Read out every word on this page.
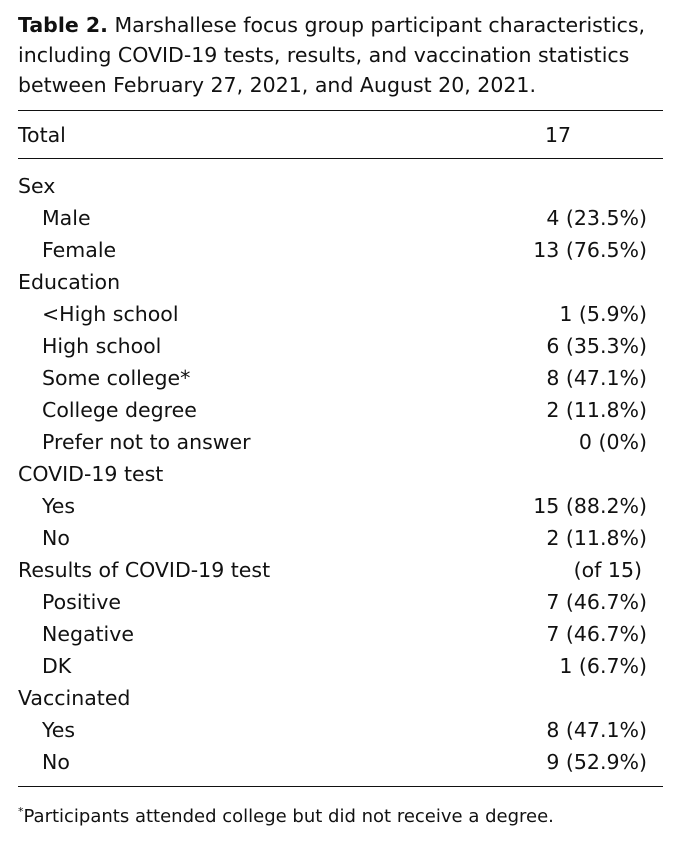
Table 2. Marshallese focus group participant characteristics, including COVID-19 tests, results, and vaccination statistics between February 27, 2021, and August 20, 2021.
Total	17
Sex
Male	4 (23.5%)
Female	13 (76.5%)
Education
<High school	1 (5.9%)
High school	6 (35.3%)
Some college*	8 (47.1%)
College degree	2 (11.8%)
Prefer not to answer	0 (0%)
COVID-19 test
Yes	15 (88.2%)
No	2 (11.8%)
Results of COVID-19 test	(of 15)
Positive	7 (46.7%)
Negative	7 (46.7%)
DK	1 (6.7%)
Vaccinated
Yes	8 (47.1%)
No	9 (52.9%)
*Participants attended college but did not receive a degree.
